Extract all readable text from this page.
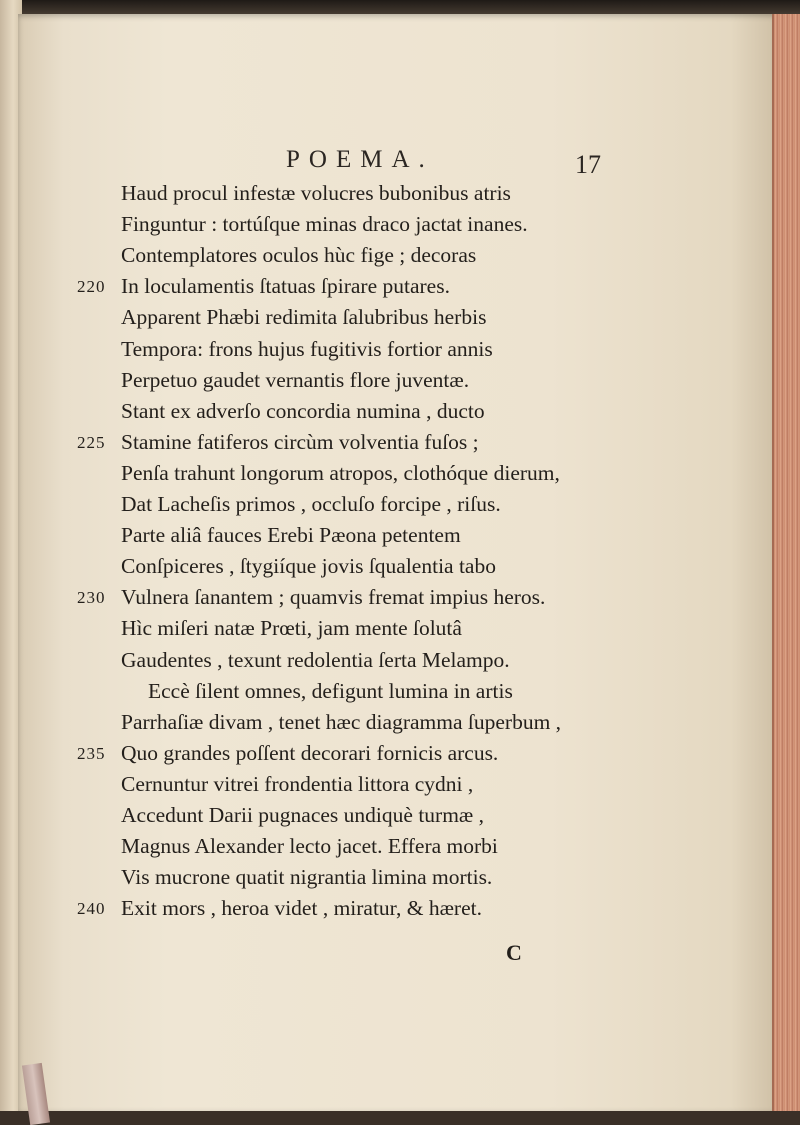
POEMA.	17
Haud procul infestæ volucres bubonibus atris
Finguntur : tortúſque minas draco jactat inanes.
Contemplatores oculos hùc fige ; decoras
In loculamentis ſtatuas ſpirare putares.
220
Apparent Phæbi redimita ſalubribus herbis
Tempora: frons hujus fugitivis fortior annis
Perpetuo gaudet vernantis flore juventæ.
Stant ex adverſo concordia numina , ducto
Stamine fatiferos circùm volventia fuſos ;
225
Penſa trahunt longorum atropos, clothóque dierum,
Dat Lacheſis primos , occluſo forcipe , riſus.
Parte aliâ fauces Erebi Pæona petentem
Conſpiceres , ſtygiíque jovis ſqualentia tabo
Vulnera ſanantem ; quamvis fremat impius heros.
230
Hìc miſeri natæ Prœti, jam mente ſolutâ
Gaudentes , texunt redolentia ſerta Melampo.
Eccè ſilent omnes, defigunt lumina in artis
Parrhaſiæ divam , tenet hæc diagramma ſuperbum ,
Quo grandes poſſent decorari fornicis arcus.
235
Cernuntur vitrei frondentia littora cydni ,
Accedunt Darii pugnaces undiquè turmæ ,
Magnus Alexander lecto jacet. Effera morbi
Vis mucrone quatit nigrantia limina mortis.
Exit mors , heroa videt , miratur, & hæret.
240
C
